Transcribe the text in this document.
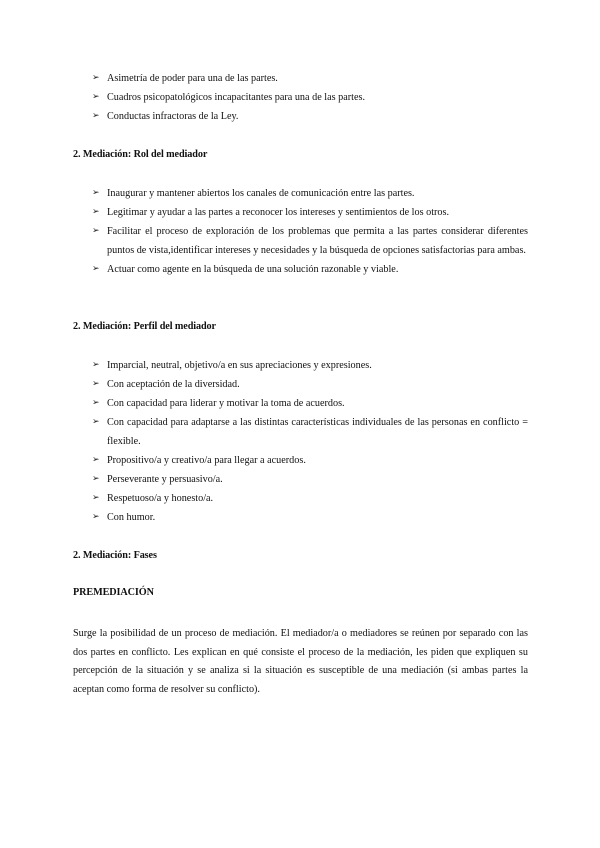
➢ Asimetría de poder para una de las partes.
➢ Cuadros psicopatológicos incapacitantes para una de las partes.
➢ Conductas infractoras de la Ley.
2. Mediación: Rol del mediador
➢ Inaugurar y mantener abiertos los canales de comunicación entre las partes.
➢ Legitimar y ayudar a las partes a reconocer los intereses y sentimientos de los otros.
➢ Facilitar el proceso de exploración de los problemas que permita a las partes considerar diferentes puntos de vista,identificar intereses y necesidades y la búsqueda de opciones satisfactorias para ambas.
➢ Actuar como agente en la búsqueda de una solución razonable y viable.
2. Mediación: Perfil del mediador
➢ Imparcial, neutral, objetivo/a en sus apreciaciones y expresiones.
➢ Con aceptación de la diversidad.
➢ Con capacidad para liderar y motivar la toma de acuerdos.
➢ Con capacidad para adaptarse a las distintas características individuales de las personas en conflicto = flexible.
➢ Propositivo/a y creativo/a para llegar a acuerdos.
➢ Perseverante y persuasivo/a.
➢ Respetuoso/a y honesto/a.
➢ Con humor.
2. Mediación: Fases
PREMEDIACIÓN
Surge la posibilidad de un proceso de mediación. El mediador/a o mediadores se reúnen por separado con las dos partes en conflicto. Les explican en qué consiste el proceso de la mediación, les piden que expliquen su percepción de la situación y se analiza si la situación es susceptible de una mediación (si ambas partes la aceptan como forma de resolver su conflicto).
